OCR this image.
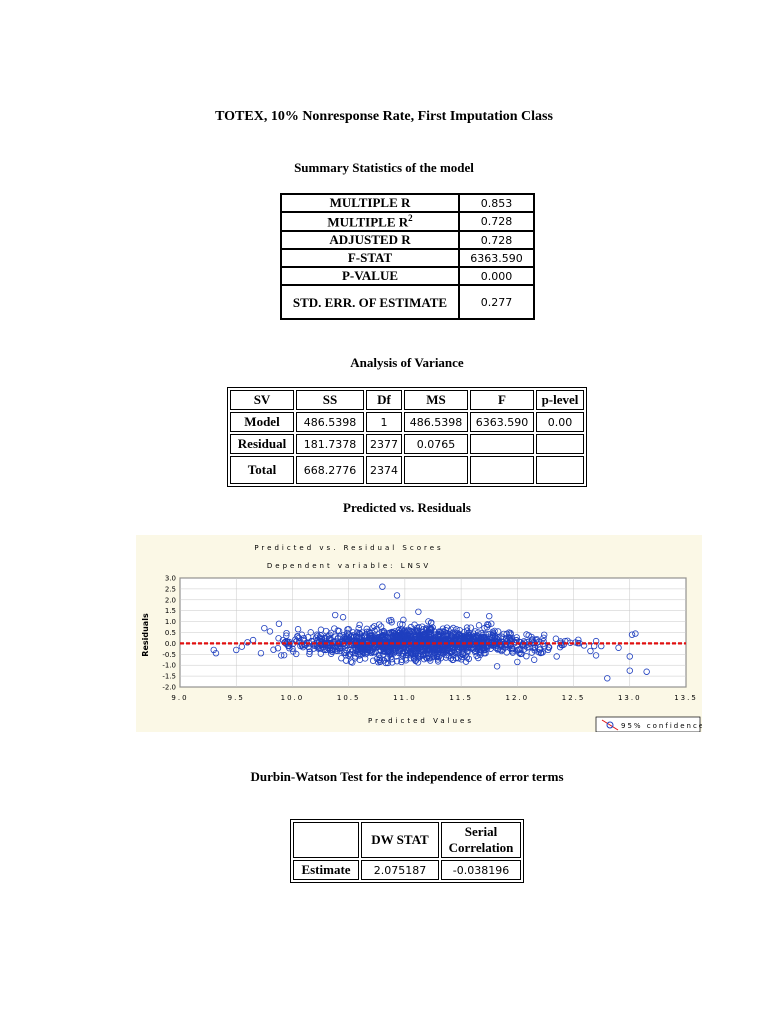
TOTEX, 10% Nonresponse Rate, First Imputation Class
Summary Statistics of the model
MULTIPLE R	0.853
MULTIPLE $R^2$	0.728
ADJUSTED R	0.728
F-STAT	6363.590
P-VALUE	0.000
STD. ERR. OF ESTIMATE	0.277
Analysis of Variance
SV	SS	Df	MS	F	p-level
Model	486.5398	1	486.5398	6363.590	0.00
Residual	181.7378	2377	0.0765		
Total	668.2776	2374			
Predicted vs. Residuals
Predicted vs. Residual Scores
Dependent variable: LNSV
Residuals
Predicted Values
3.0
2.5
2.0
1.5
1.0
0.5
0.0
-0.5
-1.0
-1.5
-2.0
9.0	9.5	10.0	10.5	11.0	11.5	12.0	12.5	13.0	13.5
95% confidence
Durbin-Watson Test for the independence of error terms
	DW STAT	Serial Correlation
Estimate	2.075187	-0.038196
